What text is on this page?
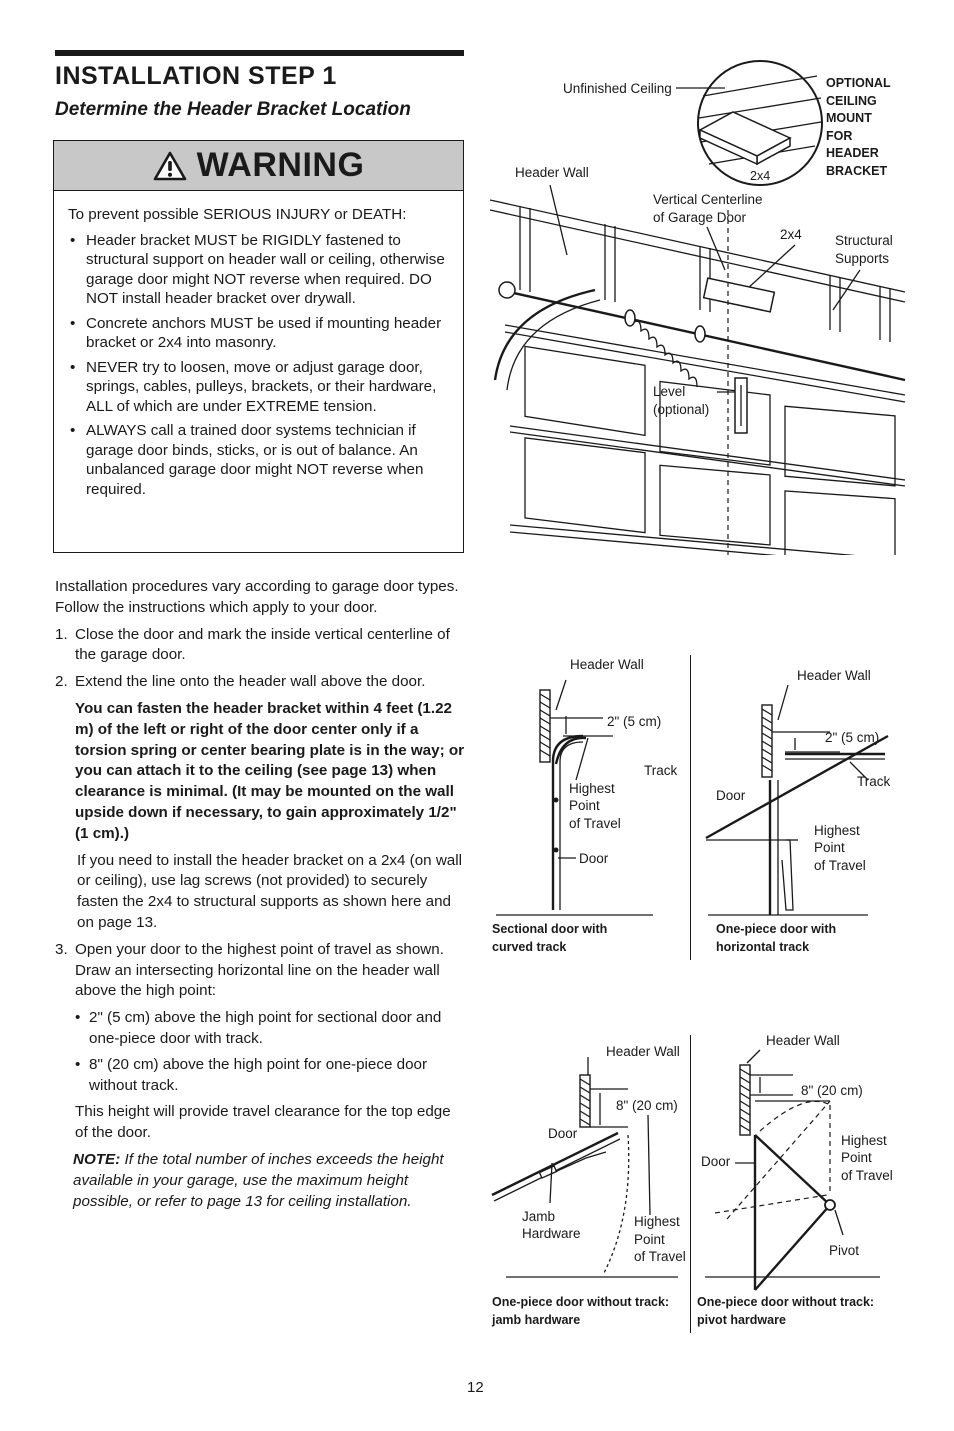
INSTALLATION STEP 1
Determine the Header Bracket Location
WARNING

To prevent possible SERIOUS INJURY or DEATH:

• Header bracket MUST be RIGIDLY fastened to structural support on header wall or ceiling, otherwise garage door might NOT reverse when required. DO NOT install header bracket over drywall.
• Concrete anchors MUST be used if mounting header bracket or 2x4 into masonry.
• NEVER try to loosen, move or adjust garage door, springs, cables, pulleys, brackets, or their hardware, ALL of which are under EXTREME tension.
• ALWAYS call a trained door systems technician if garage door binds, sticks, or is out of balance. An unbalanced garage door might NOT reverse when required.

Installation procedures vary according to garage door types. Follow the instructions which apply to your door.

1. Close the door and mark the inside vertical centerline of the garage door.
2. Extend the line onto the header wall above the door.

You can fasten the header bracket within 4 feet (1.22 m) of the left or right of the door center only if a torsion spring or center bearing plate is in the way; or you can attach it to the ceiling (see page 13) when clearance is minimal. (It may be mounted on the wall upside down if necessary, to gain approximately 1/2" (1 cm).)

If you need to install the header bracket on a 2x4 (on wall or ceiling), use lag screws (not provided) to securely fasten the 2x4 to structural supports as shown here and on page 13.

3. Open your door to the highest point of travel as shown. Draw an intersecting horizontal line on the header wall above the high point:
• 2" (5 cm) above the high point for sectional door and one-piece door with track.
• 8" (20 cm) above the high point for one-piece door without track.

This height will provide travel clearance for the top edge of the door.

NOTE: If the total number of inches exceeds the height available in your garage, use the maximum height possible, or refer to page 13 for ceiling installation.

Unfinished Ceiling
2x4
OPTIONAL
CEILING
MOUNT
FOR
HEADER
BRACKET
Header Wall
Vertical Centerline
of Garage Door
2x4 Structural
Supports
Level
(optional)
Header Wall
2" (5 cm)
Track
Highest
Point
of Travel
Door
Sectional door with
curved track
Header Wall
2" (5 cm)
Track
Door
Highest
Point
of Travel
One-piece door with
horizontal track
Header Wall
8" (20 cm)
Door
Jamb
Hardware
Highest
Point
of Travel
One-piece door without track:
jamb hardware
Header Wall
8" (20 cm)
Highest
Point
of Travel
Door
Pivot
One-piece door without track:
pivot hardware
12
